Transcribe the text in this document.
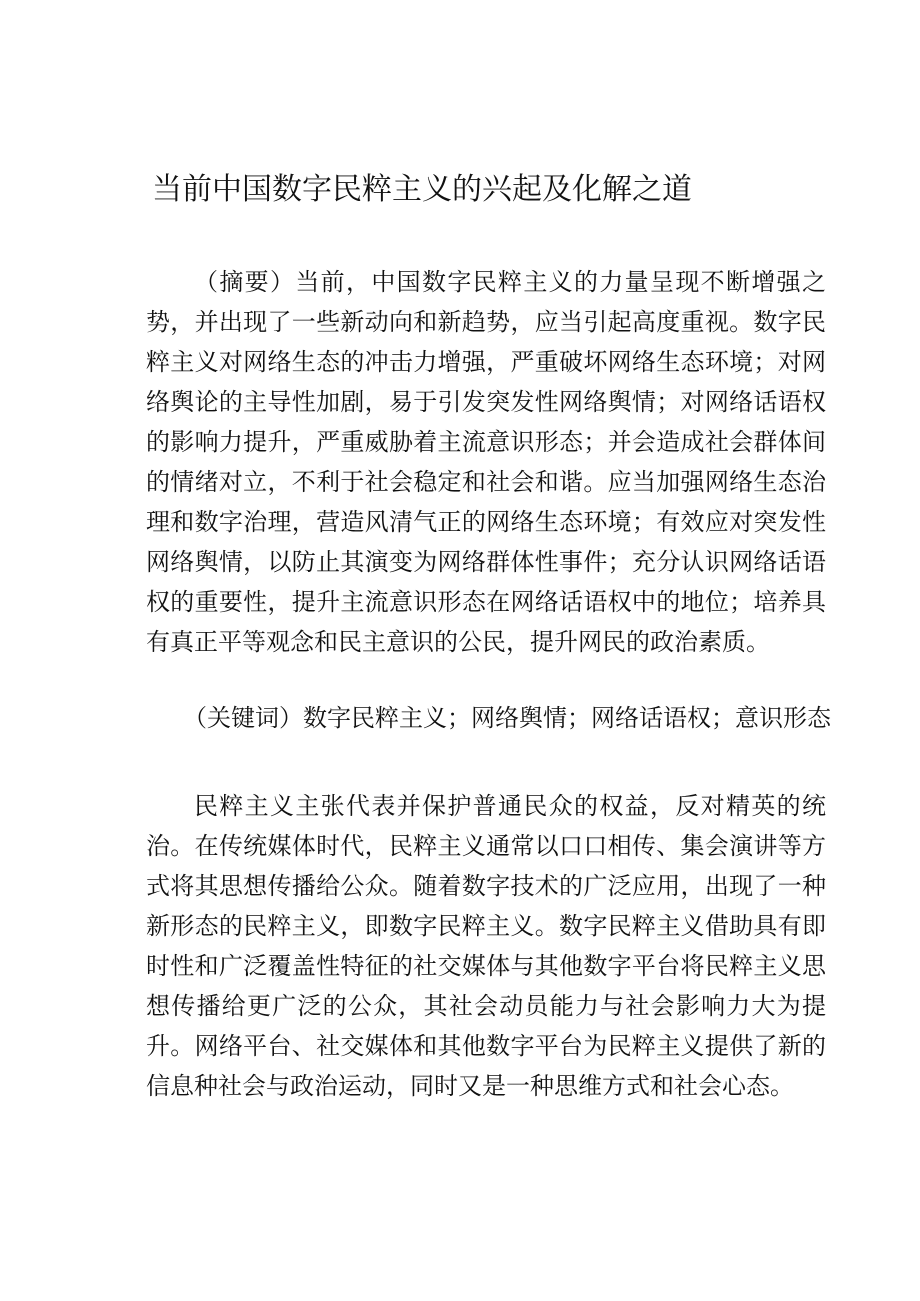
当前中国数字民粹主义的兴起及化解之道

（摘要）当前，中国数字民粹主义的力量呈现不断增强之势，并出现了一些新动向和新趋势，应当引起高度重视。数字民粹主义对网络生态的冲击力增强，严重破坏网络生态环境；对网络舆论的主导性加剧，易于引发突发性网络舆情；对网络话语权的影响力提升，严重威胁着主流意识形态；并会造成社会群体间的情绪对立，不利于社会稳定和社会和谐。应当加强网络生态治理和数字治理，营造风清气正的网络生态环境；有效应对突发性网络舆情，以防止其演变为网络群体性事件；充分认识网络话语权的重要性，提升主流意识形态在网络话语权中的地位；培养具有真正平等观念和民主意识的公民，提升网民的政治素质。

（关键词）数字民粹主义；网络舆情；网络话语权；意识形态

民粹主义主张代表并保护普通民众的权益，反对精英的统治。在传统媒体时代，民粹主义通常以口口相传、集会演讲等方式将其思想传播给公众。随着数字技术的广泛应用，出现了一种新形态的民粹主义，即数字民粹主义。数字民粹主义借助具有即时性和广泛覆盖性特征的社交媒体与其他数字平台将民粹主义思想传播给更广泛的公众，其社会动员能力与社会影响力大为提升。网络平台、社交媒体和其他数字平台为民粹主义提供了新的信息种社会与政治运动，同时又是一种思维方式和社会心态。
